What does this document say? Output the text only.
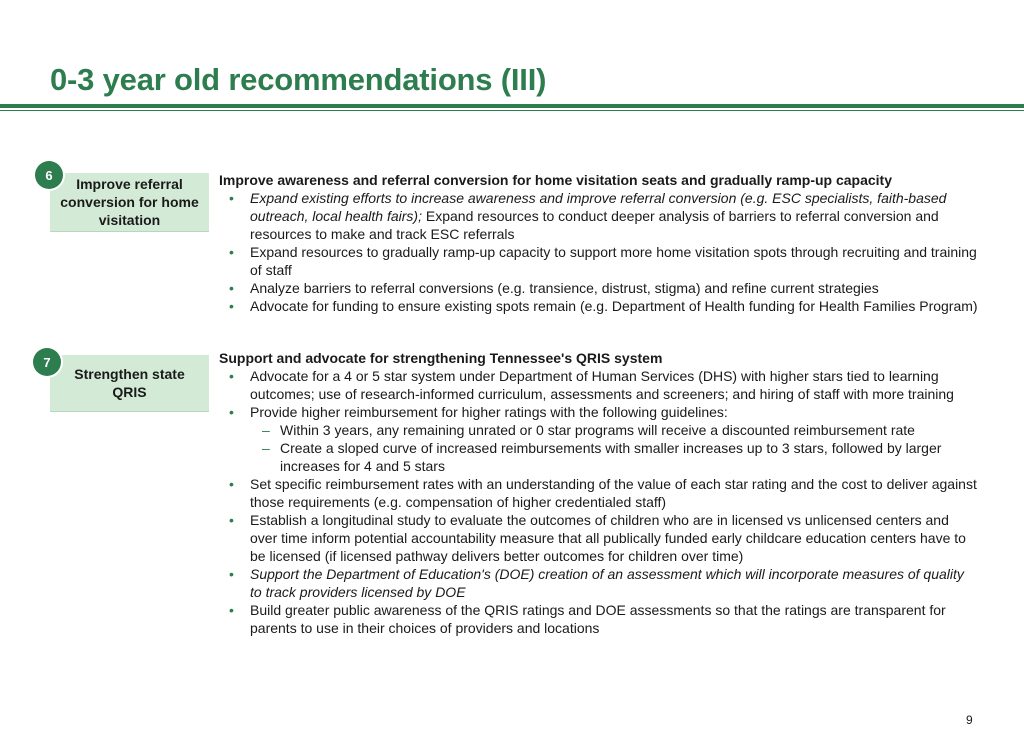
0-3 year old recommendations (III)
Improve referral conversion for home visitation
6	Improve awareness and referral conversion for home visitation seats and gradually ramp-up capacity
• Expand existing efforts to increase awareness and improve referral conversion (e.g. ESC specialists, faith-based outreach, local health fairs); Expand resources to conduct deeper analysis of barriers to referral conversion and resources to make and track ESC referrals
• Expand resources to gradually ramp-up capacity to support more home visitation spots through recruiting and training of staff
• Analyze barriers to referral conversions (e.g. transience, distrust, stigma) and refine current strategies
• Advocate for funding to ensure existing spots remain (e.g. Department of Health funding for Health Families Program)
Strengthen state QRIS
7	Support and advocate for strengthening Tennessee's QRIS system
• Advocate for a 4 or 5 star system under Department of Human Services (DHS) with higher stars tied to learning outcomes; use of research-informed curriculum, assessments and screeners; and hiring of staff with more training
• Provide higher reimbursement for higher ratings with the following guidelines:
– Within 3 years, any remaining unrated or 0 star programs will receive a discounted reimbursement rate
– Create a sloped curve of increased reimbursements with smaller increases up to 3 stars, followed by larger increases for 4 and 5 stars
• Set specific reimbursement rates with an understanding of the value of each star rating and the cost to deliver against those requirements (e.g. compensation of higher credentialed staff)
• Establish a longitudinal study to evaluate the outcomes of children who are in licensed vs unlicensed centers and over time inform potential accountability measure that all publically funded early childcare education centers have to be licensed (if licensed pathway delivers better outcomes for children over time)
• Support the Department of Education's (DOE) creation of an assessment which will incorporate measures of quality to track providers licensed by DOE
• Build greater public awareness of the QRIS ratings and DOE assessments so that the ratings are transparent for parents to use in their choices of providers and locations
9
